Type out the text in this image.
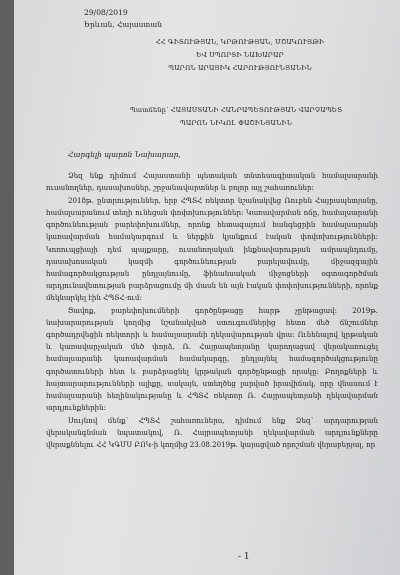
29/08/2019
Երևան, Հայաստան
ՀՀ ԳԻՏՈՒԹՅԱՆ, ԿՐԹՈՒԹՅԱՆ, ՄՇԱԿՈՒՅԹԻ
ԵՎ ՍՊՈՐՏԻ ՆԱԽԱՐԱՐ
ՊԱՐՈՆ ԱՐԱՅԻԿ ՀԱՐՈՒԹՅՈՒՆՅԱՆԻՆ
Պատճենը՝ ՀԱՅԱՍՏԱՆԻ ՀԱՆՐԱՊԵՏՈՒԹՅԱՆ ՎԱՐՉԱՊԵՏ
ՊԱՐՈՆ ՆԻԿՈԼ ՓԱՇԻՆՅԱՆԻՆ
Հարգելի պարոն Նախարար,

Ձեզ ենք դիմում Հայաստանի պետական տնտեսագիտական համալսարանի ուսանողներ, դասախոսներ, շրջանավարտներ և բոլոր այլ շահառուներ:

2018թ. ընտրություններ, երբ ՀՊՏՀ ռեկտոր նշանակվեց Ռուբեն Հայրապետյանը, համալսարանում տեղի ունեցան փոփոխություններ: Կառավարման ոճը, համալսարանի գործունեության բարեփոխումներ, որոնք հետագայում հանգեցրին համալսարանի կառավարման համակարգում և ներքին կյանքում էական փոփոխությունների: Կոռուպցիայի դեմ պայքարը, ուսանողական ինքնավարության ամրապնդումը, դասախոսական կազմի գործունեության բարելավումը, միջազգային համագործակցության ընդլայնումը, ֆինանսական միջոցների օգտագործման արդյունավետության բարձրացումը մի մասն են այն էական փոփոխությունների, որոնք մեկնարկել էին ՀՊՏՀ-ում:

Ցավոք, բարեփոխումների գործընթացը հարթ չընթացավ: 2019թ. նախարարության կողմից նշանակված ստուգումներից հետո մեծ ճնշումներ գործադրվեցին ռեկտորի և համալսարանի ղեկավարության վրա: Ունենալով կրթական և կառավարչական մեծ փորձ, Ռ. Հայրապետյանը կարողացավ վերակառուցել համալսարանի կառավարման համակարգը, ընդլայնել համագործակցությունը գործատուների հետ և բարձրացնել կրթական գործընթացի որակը: Բողոքների և հայտարարությունների ալիքը, սակայն, ստեղծեց լարված իրավիճակ, որը վնասում է համալսարանի հեղինակությանը և ՀՊՏՀ ռեկտոր Ռ. Հայրապետյանի ղեկավարման արդյունքներին:

Սույնով մենք՝ ՀՊՏՀ շահառուներս, դիմում ենք Ձեզ՝ արդարության վերականգնման նպատակով, Ռ. Հայրապետյանի ղեկավարման արդյունքները վերաքննելու ՀՀ ԿԳՄՍ ԲՈԿ-ի կողմից 23.08.2019թ. կայացված որոշման վերաբերյալ, որ

- 1
